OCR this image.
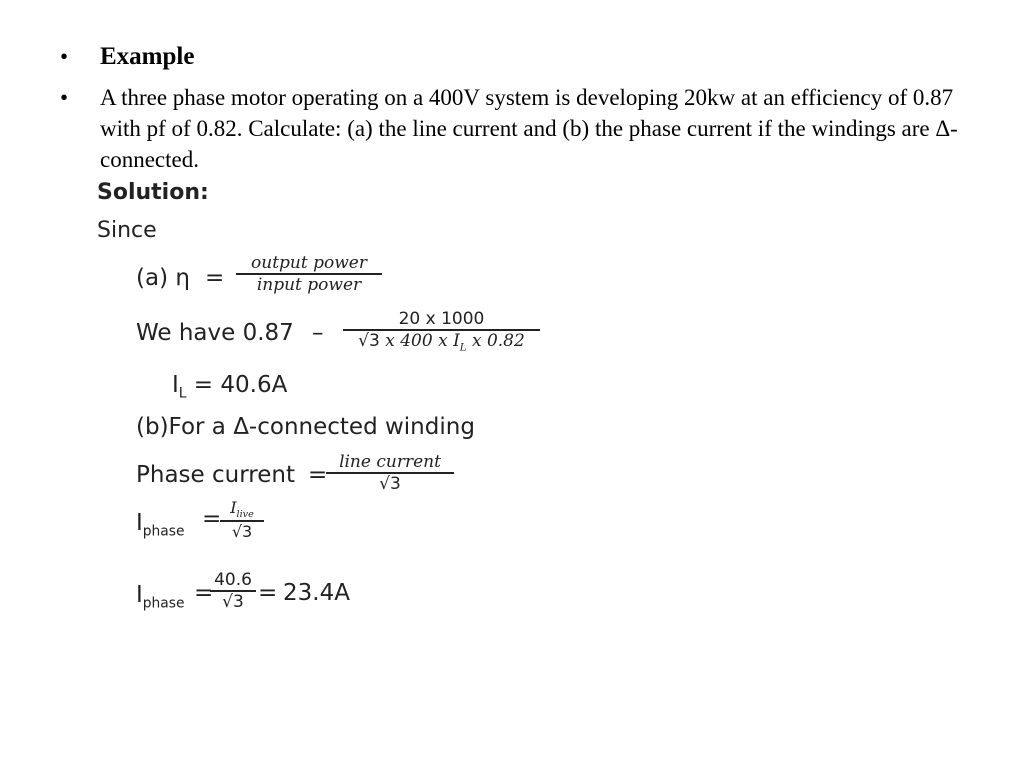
•	Example
•	A three phase motor operating on a 400V system is developing 20kw at an efficiency of 0.87 with pf of 0.82. Calculate: (a) the line current and (b) the phase current if the windings are Δ-connected.
Solution:
Since
(a) η =
output power
input power
We have 0.87 –
20 x 1000
√3 x 400 x $I_L$ x 0.82
$I_L = 40.6A$
(b)For a Δ-connected winding
Phase current = line current
√3
$I_{phase} = I_{live}$
√3
$I_{phase} = 40.6$
√3 = 23.4A
